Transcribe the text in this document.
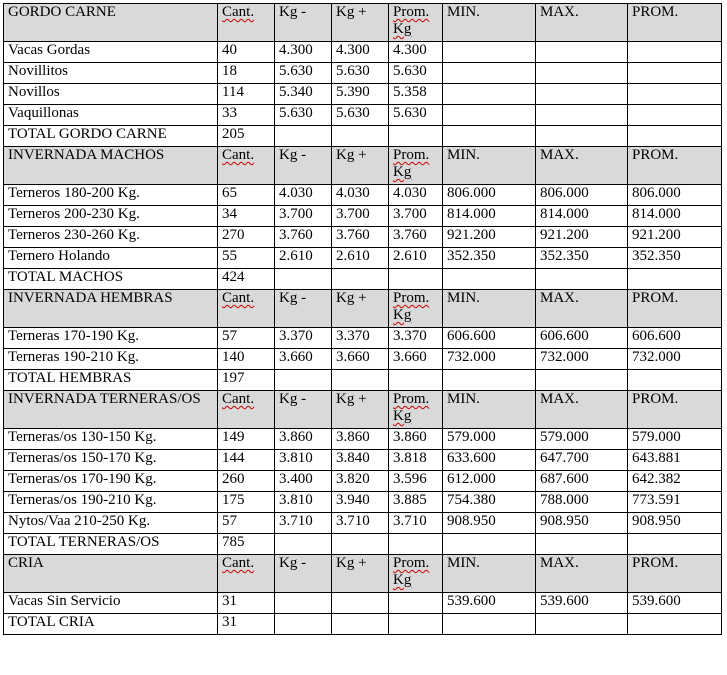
GORDO CARNE	Cant.	Kg -	Kg +	Prom. Kg	MIN.	MAX.	PROM.
Vacas Gordas	40	4.300	4.300	4.300			
Novillitos	18	5.630	5.630	5.630			
Novillos	114	5.340	5.390	5.358			
Vaquillonas	33	5.630	5.630	5.630			
TOTAL GORDO CARNE	205						
INVERNADA MACHOS	Cant.	Kg -	Kg +	Prom. Kg	MIN.	MAX.	PROM.
Terneros 180-200 Kg.	65	4.030	4.030	4.030	806.000	806.000	806.000
Terneros 200-230 Kg.	34	3.700	3.700	3.700	814.000	814.000	814.000
Terneros 230-260 Kg.	270	3.760	3.760	3.760	921.200	921.200	921.200
Ternero Holando	55	2.610	2.610	2.610	352.350	352.350	352.350
TOTAL MACHOS	424						
INVERNADA HEMBRAS	Cant.	Kg -	Kg +	Prom. Kg	MIN.	MAX.	PROM.
Terneras 170-190 Kg.	57	3.370	3.370	3.370	606.600	606.600	606.600
Terneras 190-210 Kg.	140	3.660	3.660	3.660	732.000	732.000	732.000
TOTAL HEMBRAS	197						
INVERNADA TERNERAS/OS	Cant.	Kg -	Kg +	Prom. Kg	MIN.	MAX.	PROM.
Terneras/os 130-150 Kg.	149	3.860	3.860	3.860	579.000	579.000	579.000
Terneras/os 150-170 Kg.	144	3.810	3.840	3.818	633.600	647.700	643.881
Terneras/os 170-190 Kg.	260	3.400	3.820	3.596	612.000	687.600	642.382
Terneras/os 190-210 Kg.	175	3.810	3.940	3.885	754.380	788.000	773.591
Nytos/Vaa 210-250 Kg.	57	3.710	3.710	3.710	908.950	908.950	908.950
TOTAL TERNERAS/OS	785						
CRIA	Cant.	Kg -	Kg +	Prom. Kg	MIN.	MAX.	PROM.
Vacas Sin Servicio	31				539.600	539.600	539.600
TOTAL CRIA	31						
